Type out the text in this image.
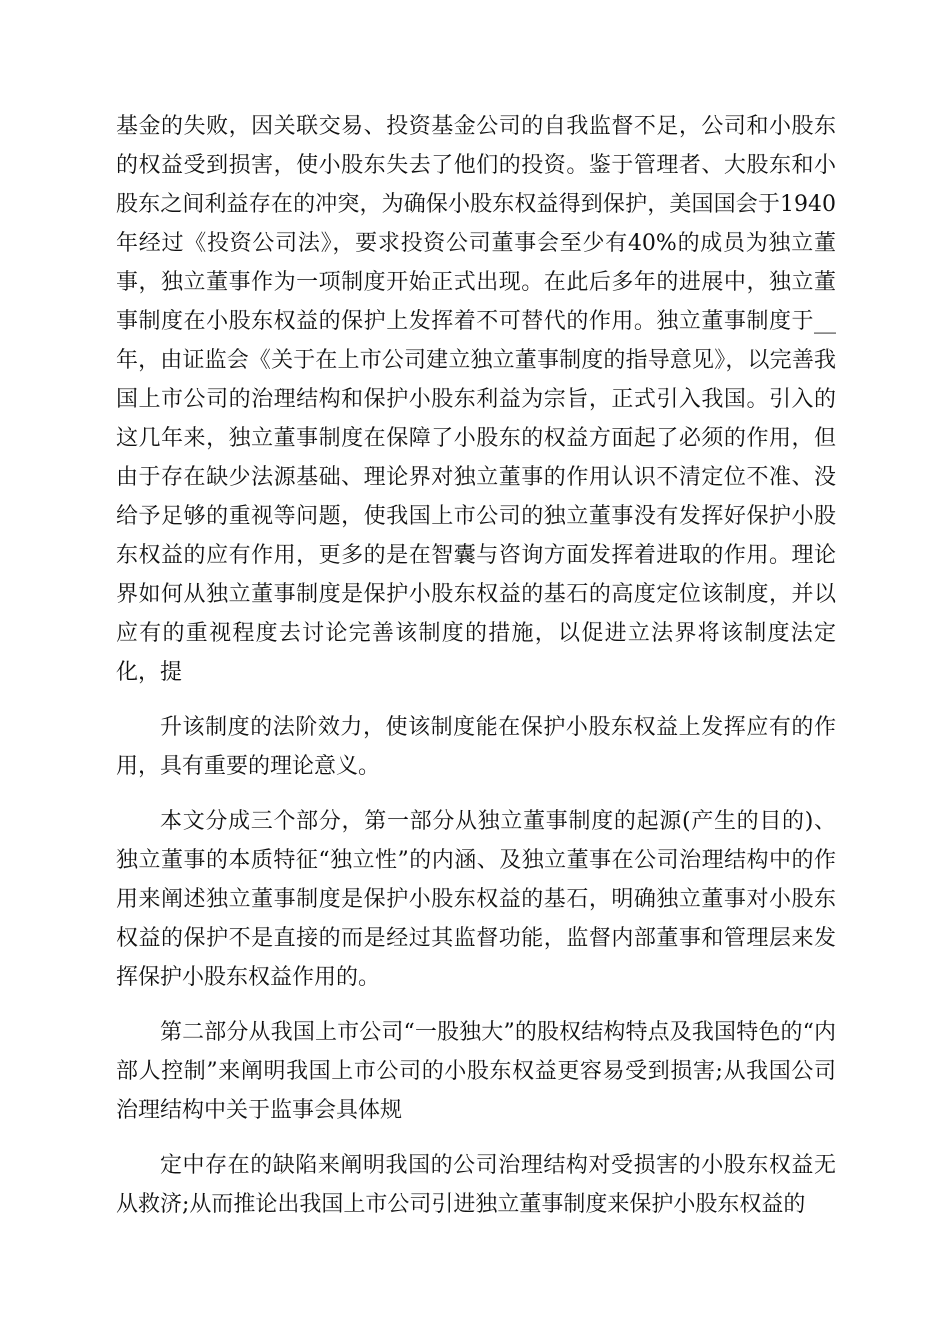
基金的失败，因关联交易、投资基金公司的自我监督不足，公司和小股东的权益受到损害，使小股东失去了他们的投资。鉴于管理者、大股东和小股东之间利益存在的冲突，为确保小股东权益得到保护，美国国会于1940年经过《投资公司法》，要求投资公司董事会至少有40%的成员为独立董事，独立董事作为一项制度开始正式出现。在此后多年的进展中，独立董事制度在小股东权益的保护上发挥着不可替代的作用。独立董事制度于__年，由证监会《关于在上市公司建立独立董事制度的指导意见》，以完善我国上市公司的治理结构和保护小股东利益为宗旨，正式引入我国。引入的这几年来，独立董事制度在保障了小股东的权益方面起了必须的作用，但由于存在缺少法源基础、理论界对独立董事的作用认识不清定位不准、没给予足够的重视等问题，使我国上市公司的独立董事没有发挥好保护小股东权益的应有作用，更多的是在智囊与咨询方面发挥着进取的作用。理论界如何从独立董事制度是保护小股东权益的基石的高度定位该制度，并以应有的重视程度去讨论完善该制度的措施，以促进立法界将该制度法定化，提

升该制度的法阶效力，使该制度能在保护小股东权益上发挥应有的作用，具有重要的理论意义。

本文分成三个部分，第一部分从独立董事制度的起源(产生的目的)、独立董事的本质特征“独立性”的内涵、及独立董事在公司治理结构中的作用来阐述独立董事制度是保护小股东权益的基石，明确独立董事对小股东权益的保护不是直接的而是经过其监督功能，监督内部董事和管理层来发挥保护小股东权益作用的。

第二部分从我国上市公司“一股独大”的股权结构特点及我国特色的“内部人控制”来阐明我国上市公司的小股东权益更容易受到损害;从我国公司治理结构中关于监事会具体规

定中存在的缺陷来阐明我国的公司治理结构对受损害的小股东权益无从救济;从而推论出我国上市公司引进独立董事制度来保护小股东权益的
